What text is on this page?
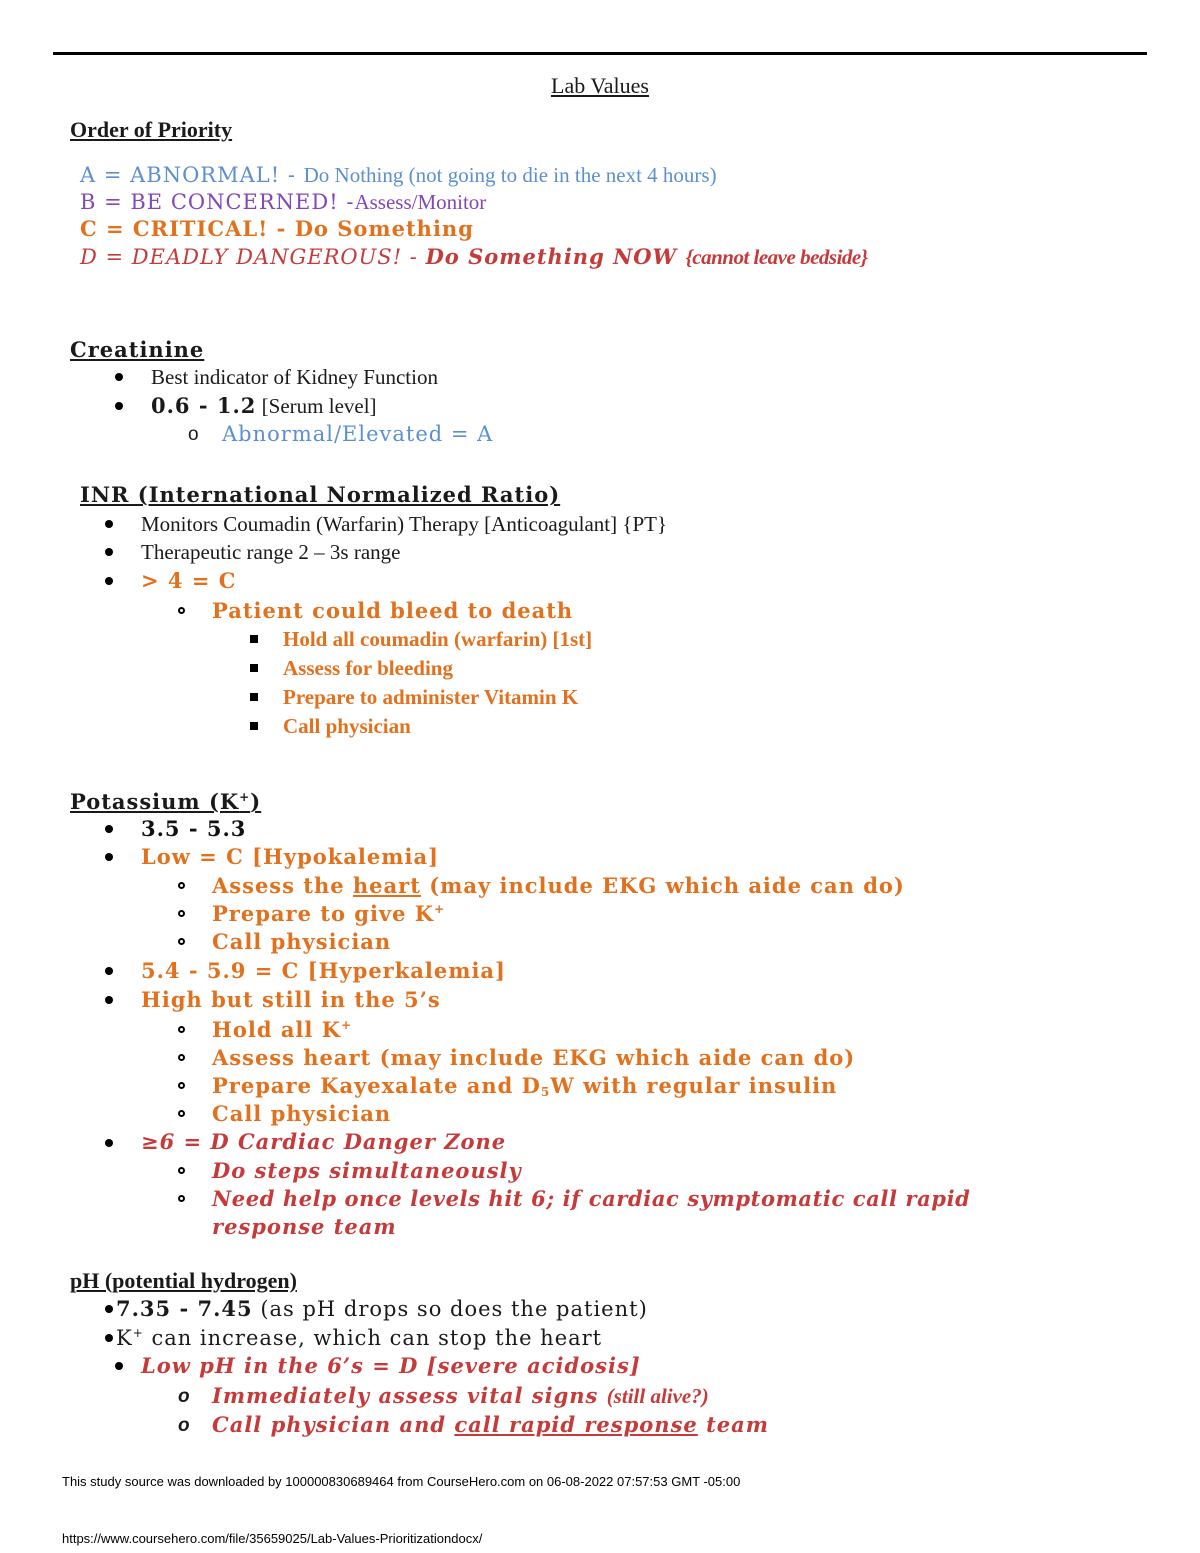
Lab Values
Order of Priority
A = ABNORMAL! - Do Nothing (not going to die in the next 4 hours)
B = BE CONCERNED! -Assess/Monitor
C = CRITICAL! - Do Something
D = DEADLY DANGEROUS! - Do Something NOW {cannot leave bedside}
Creatinine
Best indicator of Kidney Function
0.6 - 1.2 [Serum level]
o Abnormal/Elevated = A
INR (International Normalized Ratio)
Monitors Coumadin (Warfarin) Therapy [Anticoagulant] {PT}
Therapeutic range 2 – 3s range
> 4 = C
Patient could bleed to death
Hold all coumadin (warfarin) [1st]
Assess for bleeding
Prepare to administer Vitamin K
Call physician
Potassium (K+)
3.5 - 5.3
Low = C [Hypokalemia]
Assess the heart (may include EKG which aide can do)
Prepare to give K+
Call physician
5.4 - 5.9 = C [Hyperkalemia]
High but still in the 5’s
Hold all K+
Assess heart (may include EKG which aide can do)
Prepare Kayexalate and $D_5W$ with regular insulin
Call physician
≥6 = D Cardiac Danger Zone
Do steps simultaneously
Need help once levels hit 6; if cardiac symptomatic call rapid
response team
pH (potential hydrogen)
7.35 - 7.45 (as pH drops so does the patient)
K+ can increase, which can stop the heart
Low pH in the 6’s = D [severe acidosis]
o Immediately assess vital signs (still alive?)
o Call physician and call rapid response team
This study source was downloaded by 100000830689464 from CourseHero.com on 06-08-2022 07:57:53 GMT -05:00
https://www.coursehero.com/file/35659025/Lab-Values-Prioritizationdocx/
